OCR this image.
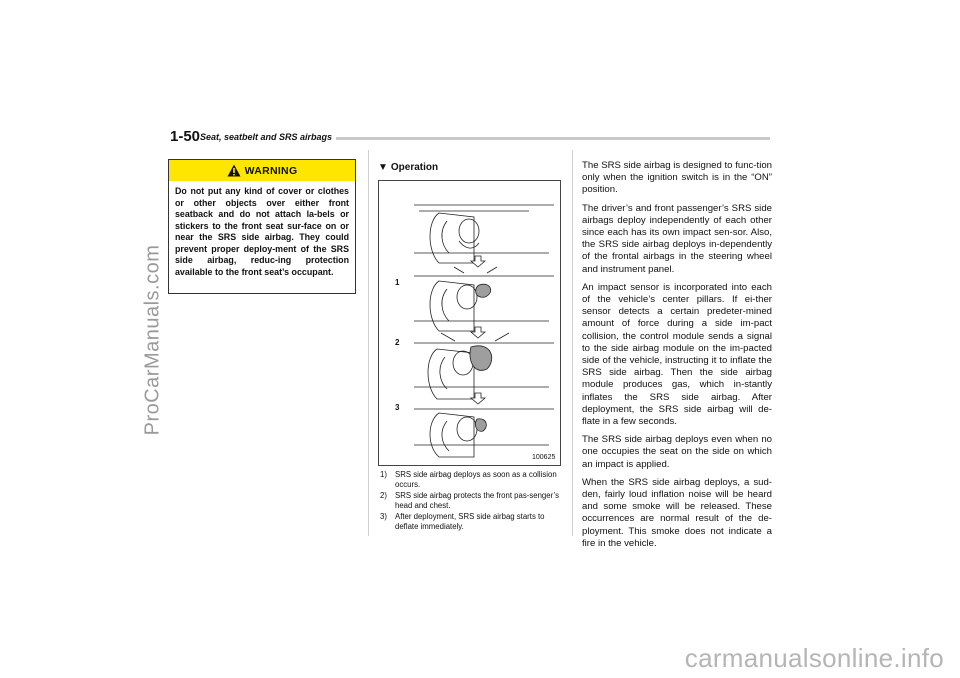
ProCarManuals.com
carmanualsonline.info
1-50 Seat, seatbelt and SRS airbags
WARNING
Do not put any kind of cover or clothes or other objects over either front seatback and do not attach la-bels or stickers to the front seat sur-face on or near the SRS side airbag. They could prevent proper deploy-ment of the SRS side airbag, reduc-ing protection available to the front seat’s occupant.
▼ Operation
1
2
3
100625
1)	SRS side airbag deploys as soon as a collision occurs.
2)	SRS side airbag protects the front pas-senger’s head and chest.
3)	After deployment, SRS side airbag starts to deflate immediately.

The SRS side airbag is designed to func-tion only when the ignition switch is in the “ON” position.

The driver’s and front passenger’s SRS side airbags deploy independently of each other since each has its own impact sen-sor. Also, the SRS side airbag deploys in-dependently of the frontal airbags in the steering wheel and instrument panel.

An impact sensor is incorporated into each of the vehicle’s center pillars. If ei-ther sensor detects a certain predeter-mined amount of force during a side im-pact collision, the control module sends a signal to the side airbag module on the im-pacted side of the vehicle, instructing it to inflate the SRS side airbag. Then the side airbag module produces gas, which in-stantly inflates the SRS side airbag. After deployment, the SRS side airbag will de-flate in a few seconds.

The SRS side airbag deploys even when no one occupies the seat on the side on which an impact is applied.

When the SRS side airbag deploys, a sud-den, fairly loud inflation noise will be heard and some smoke will be released. These occurrences are normal result of the de-ployment. This smoke does not indicate a fire in the vehicle.
